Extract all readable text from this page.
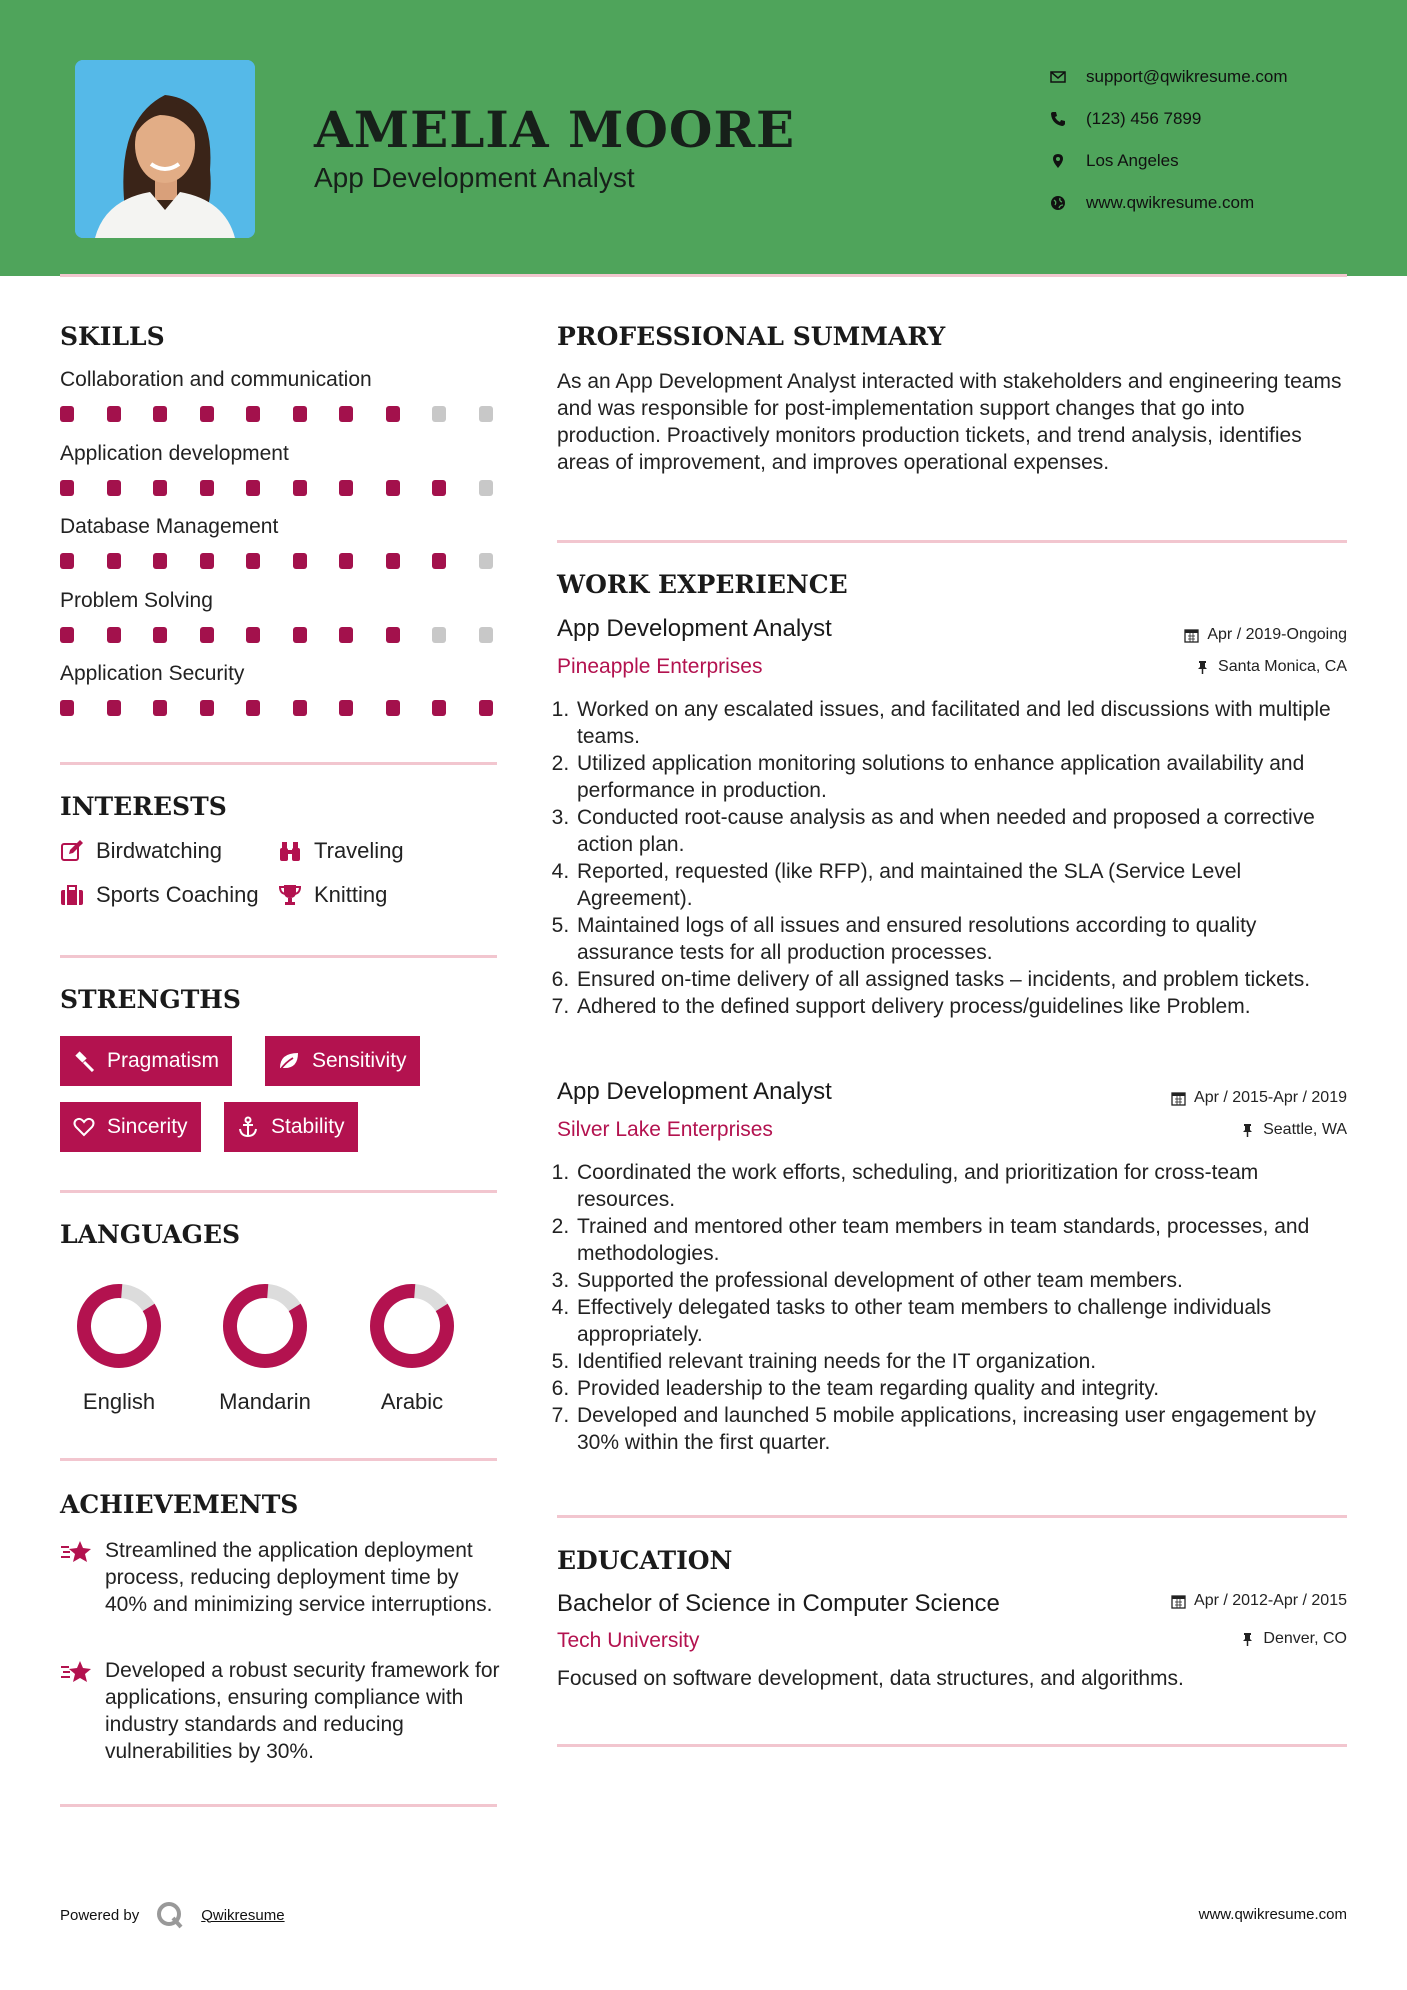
AMELIA MOORE
App Development Analyst
support@qwikresume.com
(123) 456 7899
Los Angeles
www.qwikresume.com
SKILLS
Collaboration and communication
Application development
Database Management
Problem Solving
Application Security
INTERESTS
Birdwatching	Traveling
Sports Coaching	Knitting
STRENGTHS
Pragmatism	Sensitivity
Sincerity	Stability
LANGUAGES
English	Mandarin	Arabic
ACHIEVEMENTS
Streamlined the application deployment process, reducing deployment time by 40% and minimizing service interruptions.
Developed a robust security framework for applications, ensuring compliance with industry standards and reducing vulnerabilities by 30%.
PROFESSIONAL SUMMARY
As an App Development Analyst interacted with stakeholders and engineering teams and was responsible for post-implementation support changes that go into production. Proactively monitors production tickets, and trend analysis, identifies areas of improvement, and improves operational expenses.
WORK EXPERIENCE
App Development Analyst	Apr / 2019-Ongoing
Pineapple Enterprises	Santa Monica, CA
1. Worked on any escalated issues, and facilitated and led discussions with multiple teams.
2. Utilized application monitoring solutions to enhance application availability and performance in production.
3. Conducted root-cause analysis as and when needed and proposed a corrective action plan.
4. Reported, requested (like RFP), and maintained the SLA (Service Level Agreement).
5. Maintained logs of all issues and ensured resolutions according to quality assurance tests for all production processes.
6. Ensured on-time delivery of all assigned tasks – incidents, and problem tickets.
7. Adhered to the defined support delivery process/guidelines like Problem.
App Development Analyst	Apr / 2015-Apr / 2019
Silver Lake Enterprises	Seattle, WA
1. Coordinated the work efforts, scheduling, and prioritization for cross-team resources.
2. Trained and mentored other team members in team standards, processes, and methodologies.
3. Supported the professional development of other team members.
4. Effectively delegated tasks to other team members to challenge individuals appropriately.
5. Identified relevant training needs for the IT organization.
6. Provided leadership to the team regarding quality and integrity.
7. Developed and launched 5 mobile applications, increasing user engagement by 30% within the first quarter.
EDUCATION
Bachelor of Science in Computer Science	Apr / 2012-Apr / 2015
Tech University	Denver, CO
Focused on software development, data structures, and algorithms.
Powered by	Qwikresume	www.qwikresume.com
